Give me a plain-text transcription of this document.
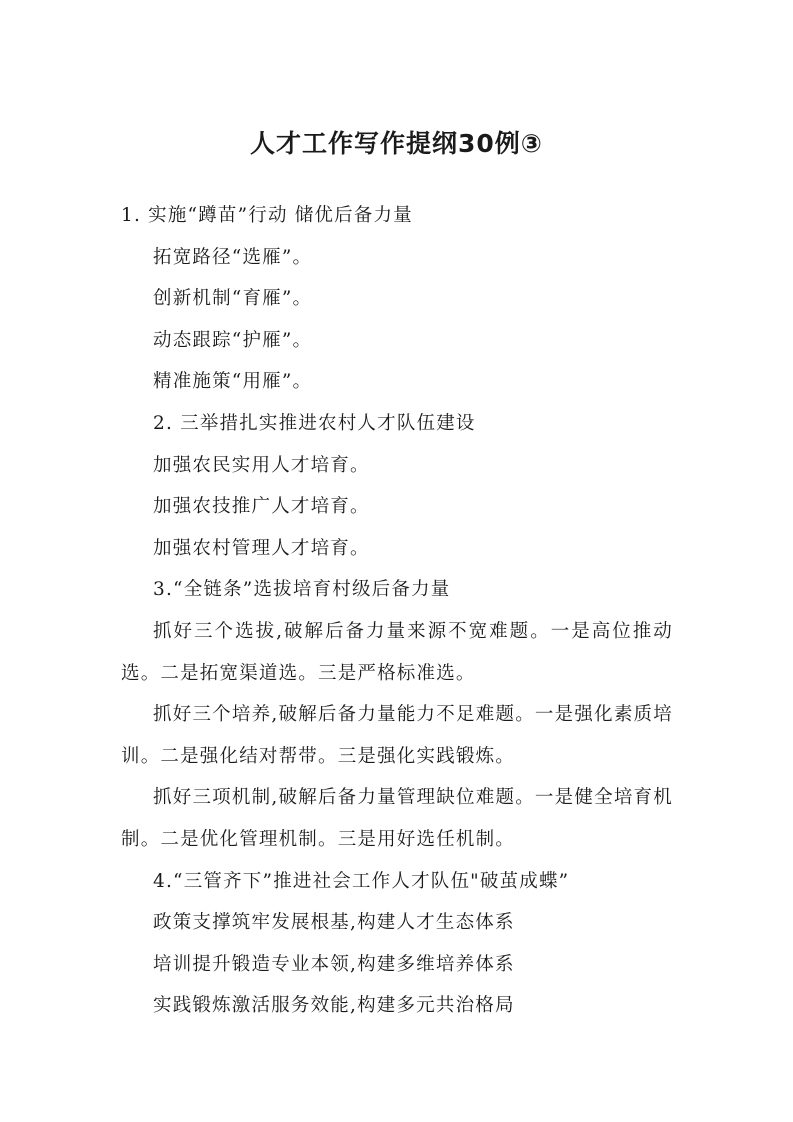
人才工作写作提纲30例③
1. 实施“蹲苗”行动 储优后备力量
拓宽路径“选雁”。
创新机制“育雁”。
动态跟踪“护雁”。
精准施策“用雁”。
2. 三举措扎实推进农村人才队伍建设
加强农民实用人才培育。
加强农技推广人才培育。
加强农村管理人才培育。
3.“全链条”选拔培育村级后备力量
抓好三个选拔,破解后备力量来源不宽难题。一是高位推动选。二是拓宽渠道选。三是严格标准选。
抓好三个培养,破解后备力量能力不足难题。一是强化素质培训。二是强化结对帮带。三是强化实践锻炼。
抓好三项机制,破解后备力量管理缺位难题。一是健全培育机制。二是优化管理机制。三是用好选任机制。
4.“三管齐下”推进社会工作人才队伍"破茧成蝶”
政策支撑筑牢发展根基,构建人才生态体系
培训提升锻造专业本领,构建多维培养体系
实践锻炼激活服务效能,构建多元共治格局
